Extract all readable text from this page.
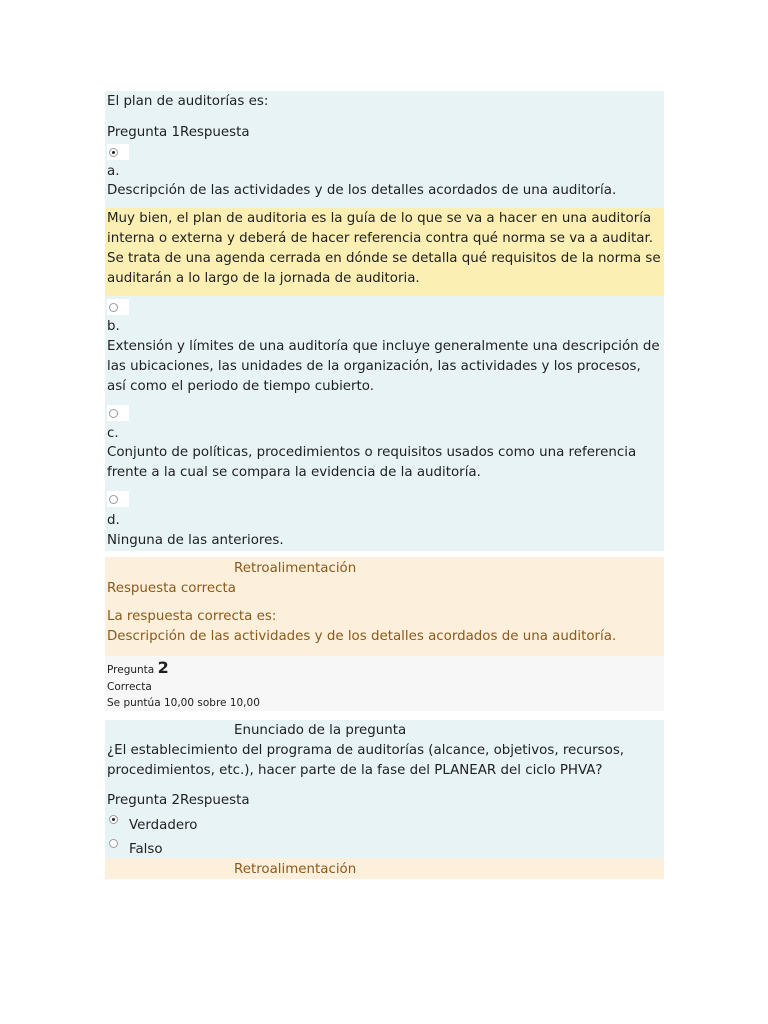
El plan de auditorías es:
Pregunta 1Respuesta
a.
Descripción de las actividades y de los detalles acordados de una auditoría.
Muy bien, el plan de auditoria es la guía de lo que se va a hacer en una auditoría interna o externa y deberá de hacer referencia contra qué norma se va a auditar. Se trata de una agenda cerrada en dónde se detalla qué requisitos de la norma se auditarán a lo largo de la jornada de auditoria.
b.
Extensión y límites de una auditoría que incluye generalmente una descripción de las ubicaciones, las unidades de la organización, las actividades y los procesos, así como el periodo de tiempo cubierto.
c.
Conjunto de políticas, procedimientos o requisitos usados como una referencia frente a la cual se compara la evidencia de la auditoría.
d.
Ninguna de las anteriores.
Retroalimentación
Respuesta correcta
La respuesta correcta es:
Descripción de las actividades y de los detalles acordados de una auditoría.
Pregunta 2
Correcta
Se puntúa 10,00 sobre 10,00
Enunciado de la pregunta
¿El establecimiento del programa de auditorías (alcance, objetivos, recursos, procedimientos, etc.), hacer parte de la fase del PLANEAR del ciclo PHVA?
Pregunta 2Respuesta
Verdadero
Falso
Retroalimentación
